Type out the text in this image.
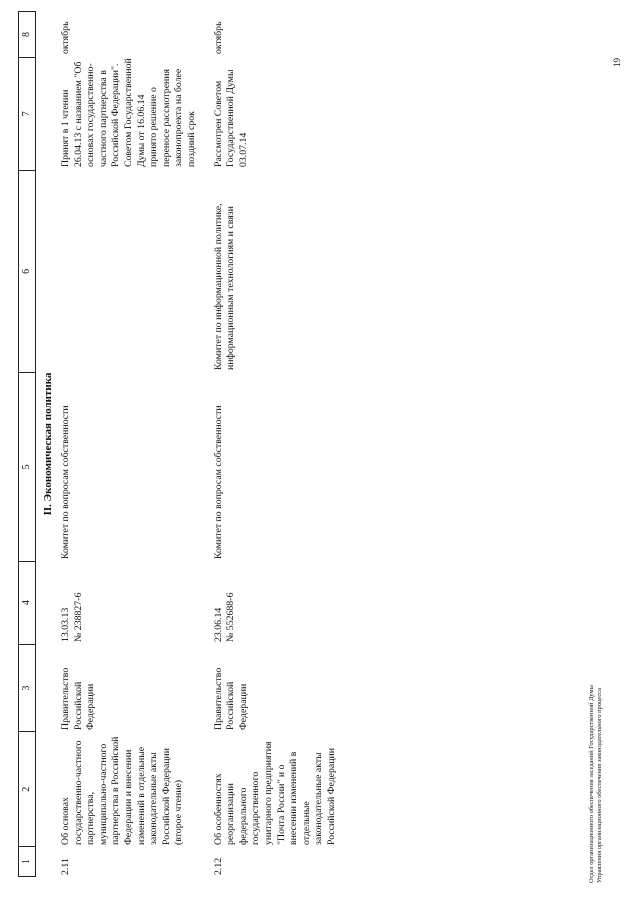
1
2
3
4
5
6
7
8
II. Экономическая политика
2.11
Об основах государственно-частного партнерства, муниципально-частного партнерства в Российской Федерации и внесении изменений в отдельные законодательные акты Российской Федерации (второе чтение)
Правительство Российской Федерации
13.03.13 № 238827-6
Комитет по вопросам собственности
Принят в 1 чтении 26.04.13 с названием "Об основах государственно-частного партнерства в Российской Федерации". Советом Государственной Думы от 16.06.14 принято решение о переносе рассмотрения законопроекта на более поздний срок
октябрь
2.12
Об особенностях реорганизации федерального государственного унитарного предприятия "Почта России" и о внесении изменений в отдельные законодательные акты Российской Федерации
Правительство Российской Федерации
23.06.14 № 552688-6
Комитет по вопросам собственности
Комитет по информационной политике, информационным технологиям и связи
Рассмотрен Советом Государственной Думы 03.07.14
октябрь
Отдел организационного обеспечения заседаний Государственной Думы Управления организационного обеспечения законодательного процесса
19
